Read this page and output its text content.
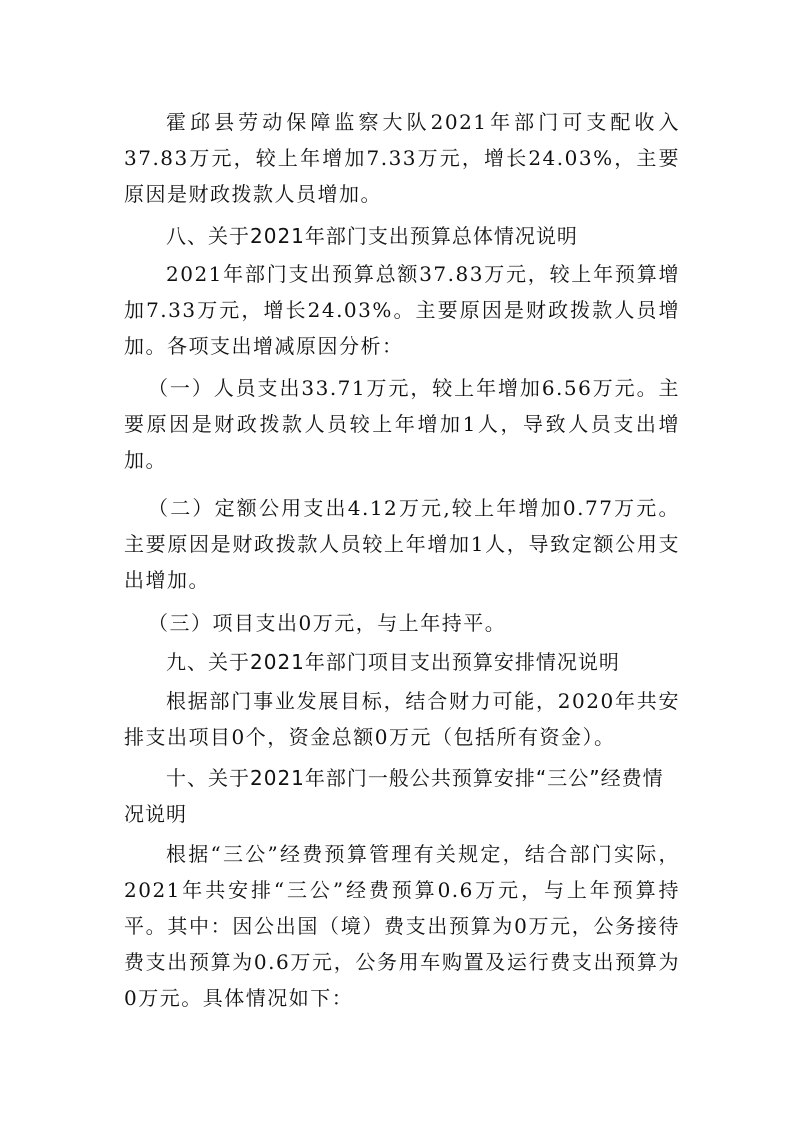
霍邱县劳动保障监察大队2021年部门可支配收入37.83万元，较上年增加7.33万元，增长24.03%，主要原因是财政拨款人员增加。

八、关于2021年部门支出预算总体情况说明

2021年部门支出预算总额37.83万元，较上年预算增加7.33万元，增长24.03%。主要原因是财政拨款人员增加。各项支出增减原因分析：

（一）人员支出33.71万元，较上年增加6.56万元。主要原因是财政拨款人员较上年增加1人，导致人员支出增加。

（二）定额公用支出4.12万元,较上年增加0.77万元。主要原因是财政拨款人员较上年增加1人，导致定额公用支出增加。

（三）项目支出0万元，与上年持平。

九、关于2021年部门项目支出预算安排情况说明

根据部门事业发展目标，结合财力可能，2020年共安排支出项目0个，资金总额0万元（包括所有资金）。

十、关于2021年部门一般公共预算安排“三公”经费情况说明

根据“三公”经费预算管理有关规定，结合部门实际，2021年共安排“三公”经费预算0.6万元，与上年预算持平。其中：因公出国（境）费支出预算为0万元，公务接待费支出预算为0.6万元，公务用车购置及运行费支出预算为0万元。具体情况如下：
